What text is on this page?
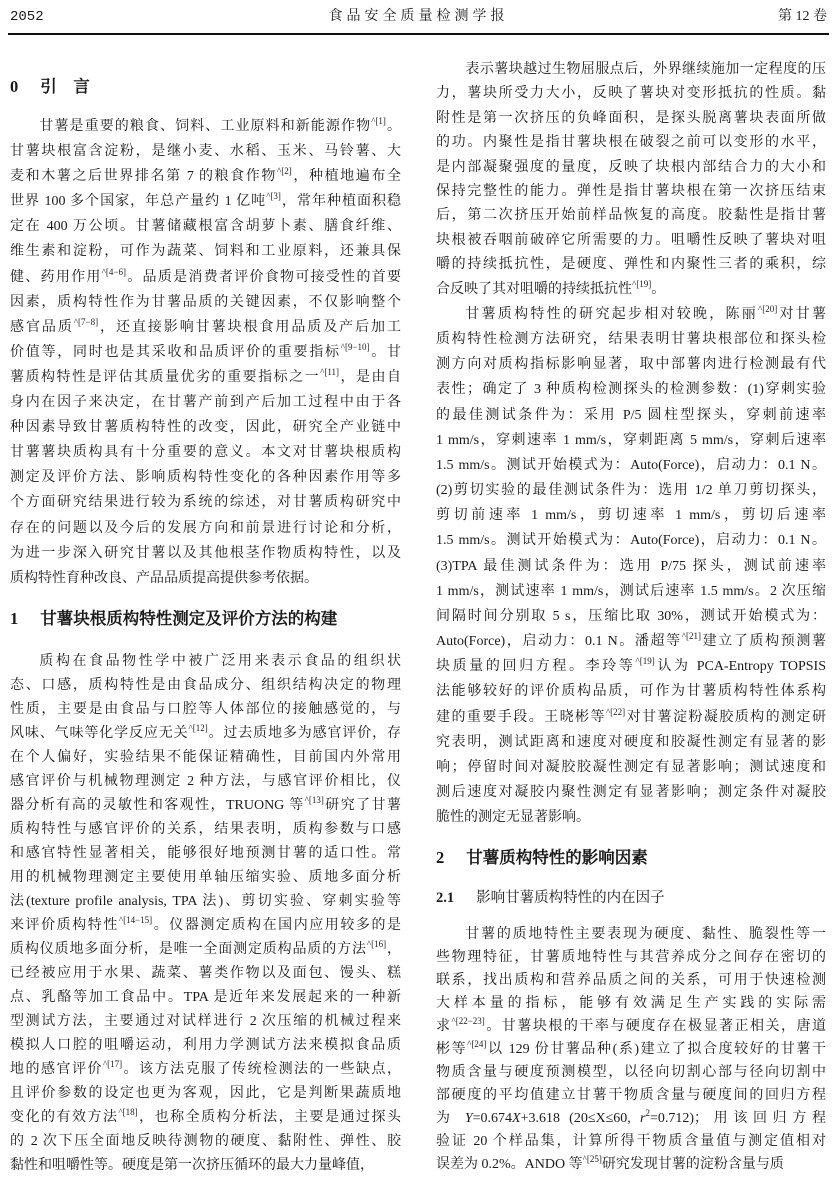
2052	食品安全质量检测学报	第 12 卷
0 引　言
甘薯是重要的粮食、饲料、工业原料和新能源作物$^{\^{}[1]}$。
甘薯块根富含淀粉，是继小麦、水稻、玉米、马铃薯、大
麦和木薯之后世界排名第 7 的粮食作物$^{\^{}[2]}$，种植地遍布全
世界 100 多个国家，年总产量约 1 亿吨$^{\^{}[3]}$，常年种植面积稳
定在 400 万公顷。甘薯储藏根富含胡萝卜素、膳食纤维、
维生素和淀粉，可作为蔬菜、饲料和工业原料，还兼具保
健、药用作用$^{\^{}[4-6]}$。品质是消费者评价食物可接受性的首要
因素，质构特性作为甘薯品质的关键因素，不仅影响整个
感官品质$^{\^{}[7-8]}$，还直接影响甘薯块根食用品质及产后加工
价值等，同时也是其采收和品质评价的重要指标$^{\^{}[9-10]}$。甘
薯质构特性是评估其质量优劣的重要指标之一$^{\^{}[11]}$，是由自
身内在因子来决定，在甘薯产前到产后加工过程中由于各
种因素导致甘薯质构特性的改变，因此，研究全产业链中
甘薯薯块质构具有十分重要的意义。本文对甘薯块根质构
测定及评价方法、影响质构特性变化的各种因素作用等多
个方面研究结果进行较为系统的综述，对甘薯质构研究中
存在的问题以及今后的发展方向和前景进行讨论和分析，
为进一步深入研究甘薯以及其他根茎作物质构特性，以及
质构特性育种改良、产品品质提高提供参考依据。
1 甘薯块根质构特性测定及评价方法的构建
质构在食品物性学中被广泛用来表示食品的组织状
态、口感，质构特性是由食品成分、组织结构决定的物理
性质，主要是由食品与口腔等人体部位的接触感觉的，与
风味、气味等化学反应无关$^{\^{}[12]}$。过去质地多为感官评价，存
在个人偏好，实验结果不能保证精确性，目前国内外常用
感官评价与机械物理测定 2 种方法，与感官评价相比，仪
器分析有高的灵敏性和客观性，TRUONG 等$^{\^{}[13]}$研究了甘薯
质构特性与感官评价的关系，结果表明，质构参数与口感
和感官特性显著相关，能够很好地预测甘薯的适口性。常
用的机械物理测定主要使用单轴压缩实验、质地多面分析
法(texture profile analysis, TPA 法)、剪切实验、穿刺实验等
来评价质构特性$^{\^{}[14-15]}$。仪器测定质构在国内应用较多的是
质构仪质地多面分析，是唯一全面测定质构品质的方法$^{\^{}[16]}$，
已经被应用于水果、蔬菜、薯类作物以及面包、馒头、糕
点、乳酪等加工食品中。TPA 是近年来发展起来的一种新
型测试方法，主要通过对试样进行 2 次压缩的机械过程来
模拟人口腔的咀嚼运动，利用力学测试方法来模拟食品质
地的感官评价$^{\^{}[17]}$。该方法克服了传统检测法的一些缺点，
且评价参数的设定也更为客观，因此，它是判断果蔬质地
变化的有效方法$^{\^{}[18]}$，也称全质构分析法，主要是通过探头
的 2 次下压全面地反映待测物的硬度、黏附性、弹性、胶
黏性和咀嚼性等。硬度是第一次挤压循环的最大力量峰值，
表示薯块越过生物屈服点后，外界继续施加一定程度的压
力，薯块所受力大小，反映了薯块对变形抵抗的性质。黏
附性是第一次挤压的负峰面积，是探头脱离薯块表面所做
的功。内聚性是指甘薯块根在破裂之前可以变形的水平，
是内部凝聚强度的量度，反映了块根内部结合力的大小和
保持完整性的能力。弹性是指甘薯块根在第一次挤压结束
后，第二次挤压开始前样品恢复的高度。胶黏性是指甘薯
块根被吞咽前破碎它所需要的力。咀嚼性反映了薯块对咀
嚼的持续抵抗性，是硬度、弹性和内聚性三者的乘积，综
合反映了其对咀嚼的持续抵抗性$^{\^{}[19]}$。
甘薯质构特性的研究起步相对较晚，陈丽$^{\^{}[20]}$对甘薯
质构特性检测方法研究，结果表明甘薯块根部位和探头检
测方向对质构指标影响显著，取中部薯肉进行检测最有代
表性；确定了 3 种质构检测探头的检测参数：(1)穿刺实验
的最佳测试条件为：采用 P/5 圆柱型探头，穿刺前速率
1 mm/s，穿刺速率 1 mm/s，穿刺距离 5 mm/s，穿刺后速率
1.5 mm/s。测试开始模式为：Auto(Force)，启动力：0.1 N。
(2)剪切实验的最佳测试条件为：选用 1/2 单刀剪切探头，
剪切前速率 1 mm/s，剪切速率 1 mm/s，剪切后速率
1.5 mm/s。测试开始模式为：Auto(Force)，启动力：0.1 N。
(3)TPA 最佳测试条件为：选用 P/75 探头，测试前速率
1 mm/s，测试速率 1 mm/s，测试后速率 1.5 mm/s。2 次压缩
间隔时间分别取 5 s，压缩比取 30%，测试开始模式为：
Auto(Force)，启动力：0.1 N。潘超等$^{\^{}[21]}$建立了质构预测薯
块质量的回归方程。李玲等$^{\^{}[19]}$认为 PCA-Entropy TOPSIS
法能够较好的评价质构品质，可作为甘薯质构特性体系构
建的重要手段。王晓彬等$^{\^{}[22]}$对甘薯淀粉凝胶质构的测定研
究表明，测试距离和速度对硬度和胶凝性测定有显著的影
响；停留时间对凝胶胶凝性测定有显著影响；测试速度和
测后速度对凝胶内聚性测定有显著影响；测定条件对凝胶
脆性的测定无显著影响。
2 甘薯质构特性的影响因素
2.1 影响甘薯质构特性的内在因子
甘薯的质地特性主要表现为硬度、黏性、脆裂性等一
些物理特征，甘薯质地特性与其营养成分之间存在密切的
联系，找出质构和营养品质之间的关系，可用于快速检测
大样本量的指标，能够有效满足生产实践的实际需
求$^{\^{}[22-23]}$。甘薯块根的干率与硬度存在极显著正相关，唐道
彬等$^{\^{}[24]}$以 129 份甘薯品种(系)建立了拟合度较好的甘薯干
物质含量与硬度预测模型，以径向切割心部与径向切割中
部硬度的平均值建立甘薯干物质含量与硬度间的回归方程
为 Y=0.674X+3.618 (20≤X≤60, $r^2=0.712$)；用该回归方程
验证 20 个样品集，计算所得干物质含量值与测定值相对
误差为 0.2%。ANDO 等$^{\^{}[25]}$研究发现甘薯的淀粉含量与质
